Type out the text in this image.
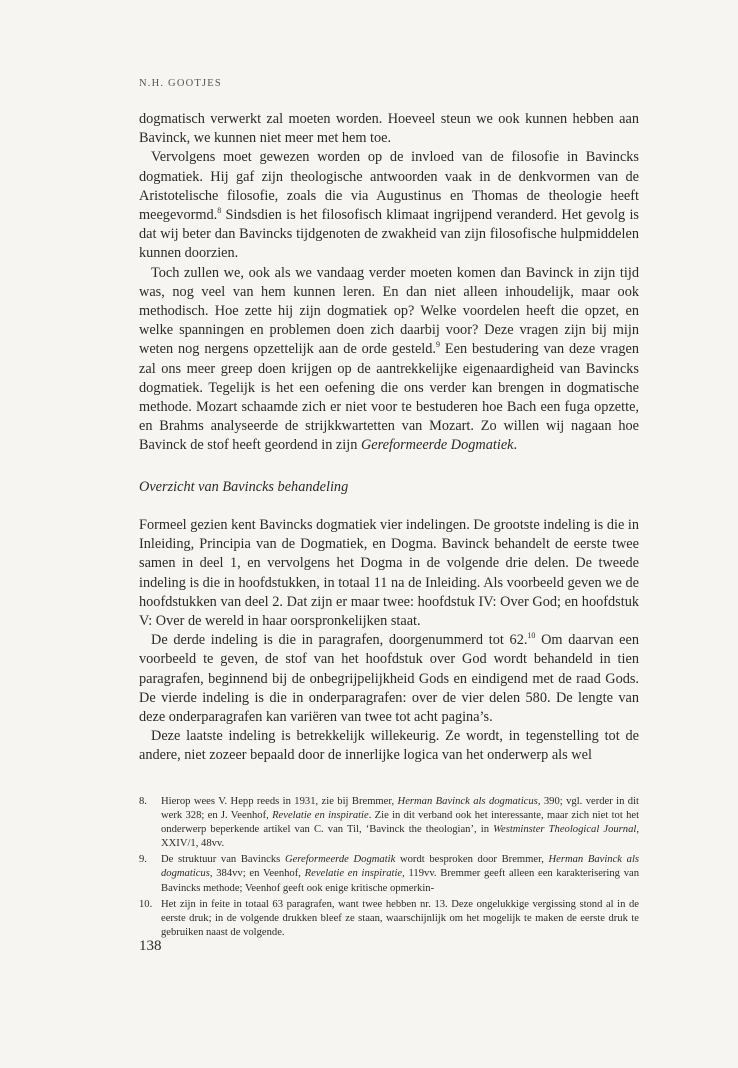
N.H. GOOTJES

dogmatisch verwerkt zal moeten worden. Hoeveel steun we ook kunnen hebben aan Bavinck, we kunnen niet meer met hem toe.

Vervolgens moet gewezen worden op de invloed van de filosofie in Bavincks dogmatiek. Hij gaf zijn theologische antwoorden vaak in de denkvormen van de Aristotelische filosofie, zoals die via Augustinus en Thomas de theologie heeft meegevormd.$^8$ Sindsdien is het filosofisch klimaat ingrijpend veranderd. Het gevolg is dat wij beter dan Bavincks tijdgenoten de zwakheid van zijn filosofische hulpmiddelen kunnen doorzien.

Toch zullen we, ook als we vandaag verder moeten komen dan Bavinck in zijn tijd was, nog veel van hem kunnen leren. En dan niet alleen inhoudelijk, maar ook methodisch. Hoe zette hij zijn dogmatiek op? Welke voordelen heeft die opzet, en welke spanningen en problemen doen zich daarbij voor? Deze vragen zijn bij mijn weten nog nergens opzettelijk aan de orde gesteld.$^9$ Een bestudering van deze vragen zal ons meer greep doen krijgen op de aantrekkelijke eigenaardigheid van Bavincks dogmatiek. Tegelijk is het een oefening die ons verder kan brengen in dogmatische methode. Mozart schaamde zich er niet voor te bestuderen hoe Bach een fuga opzette, en Brahms analyseerde de strijkkwartetten van Mozart. Zo willen wij nagaan hoe Bavinck de stof heeft geordend in zijn Gereformeerde Dogmatiek.

Overzicht van Bavincks behandeling

Formeel gezien kent Bavincks dogmatiek vier indelingen. De grootste indeling is die in Inleiding, Principia van de Dogmatiek, en Dogma. Bavinck behandelt de eerste twee samen in deel 1, en vervolgens het Dogma in de volgende drie delen. De tweede indeling is die in hoofdstukken, in totaal 11 na de Inleiding. Als voorbeeld geven we de hoofdstukken van deel 2. Dat zijn er maar twee: hoofdstuk IV: Over God; en hoofdstuk V: Over de wereld in haar oorspronkelijken staat.

De derde indeling is die in paragrafen, doorgenummerd tot 62.10 Om daarvan een voorbeeld te geven, de stof van het hoofdstuk over God wordt behandeld in tien paragrafen, beginnend bij de onbegrijpelijkheid Gods en eindigend met de raad Gods. De vierde indeling is die in onderparagrafen: over de vier delen 580. De lengte van deze onderparagrafen kan variëren van twee tot acht pagina’s.

Deze laatste indeling is betrekkelijk willekeurig. Ze wordt, in tegenstelling tot de andere, niet zozeer bepaald door de innerlijke logica van het onderwerp als wel

8. Hierop wees V. Hepp reeds in 1931, zie bij Bremmer, Herman Bavinck als dogmaticus, 390; vgl. verder in dit werk 328; en J. Veenhof, Revelatie en inspiratie. Zie in dit verband ook het interessante, maar zich niet tot het onderwerp beperkende artikel van C. van Til, ‘Bavinck the theologian’, in Westminster Theological Journal, XXIV/1, 48vv.

9. De struktuur van Bavincks Gereformeerde Dogmatik wordt besproken door Bremmer, Herman Bavinck als dogmaticus, 384vv; en Veenhof, Revelatie en inspiratie, 119vv. Bremmer geeft alleen een karakterisering van Bavincks methode; Veenhof geeft ook enige kritische opmerkin-

10. Het zijn in feite in totaal 63 paragrafen, want twee hebben nr. 13. Deze ongelukkige vergissing stond al in de eerste druk; in de volgende drukken bleef ze staan, waarschijnlijk om het mogelijk te maken de eerste druk te gebruiken naast de volgende.

138
